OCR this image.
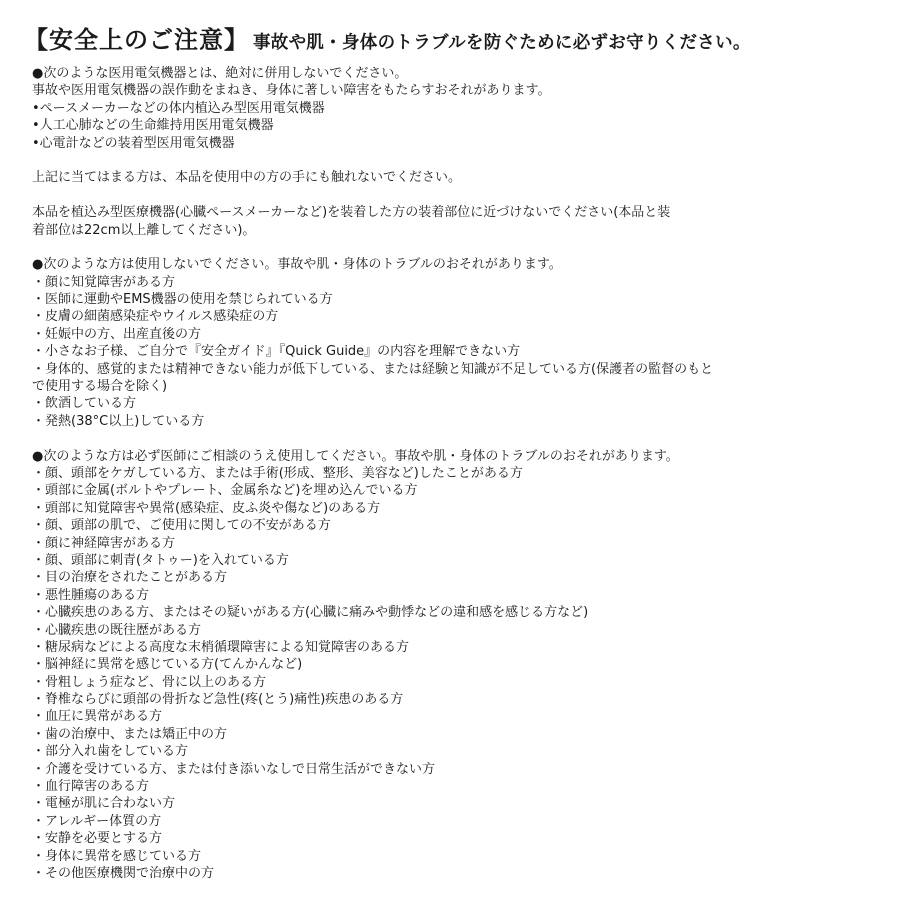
【安全上のご注意】 事故や肌・身体のトラブルを防ぐために必ずお守りください。
●次のような医用電気機器とは、絶対に併用しないでください。
事故や医用電気機器の誤作動をまねき、身体に著しい障害をもたらすおそれがあります。
•ペースメーカーなどの体内植込み型医用電気機器
•人工心肺などの生命維持用医用電気機器
•心電計などの装着型医用電気機器
上記に当てはまる方は、本品を使用中の方の手にも触れないでください。
本品を植込み型医療機器(心臓ペースメーカーなど)を装着した方の装着部位に近づけないでください(本品と装
着部位は22cm以上離してください)。
●次のような方は使用しないでください。事故や肌・身体のトラブルのおそれがあります。
・顔に知覚障害がある方
・医師に運動やEMS機器の使用を禁じられている方
・皮膚の細菌感染症やウイルス感染症の方
・妊娠中の方、出産直後の方
・小さなお子様、ご自分で『安全ガイド』『Quick Guide』の内容を理解できない方
・身体的、感覚的または精神できない能力が低下している、または経験と知識が不足している方(保護者の監督のもと
で使用する場合を除く)
・飲酒している方
・発熱(38°C以上)している方
●次のような方は必ず医師にご相談のうえ使用してください。事故や肌・身体のトラブルのおそれがあります。
・顔、頭部をケガしている方、または手術(形成、整形、美容など)したことがある方
・頭部に金属(ボルトやプレート、金属糸など)を埋め込んでいる方
・頭部に知覚障害や異常(感染症、皮ふ炎や傷など)のある方
・顔、頭部の肌で、ご使用に関しての不安がある方
・顔に神経障害がある方
・顔、頭部に刺青(タトゥー)を入れている方
・目の治療をされたことがある方
・悪性腫瘍のある方
・心臓疾患のある方、またはその疑いがある方(心臓に痛みや動悸などの違和感を感じる方など)
・心臓疾患の既往歴がある方
・糖尿病などによる高度な末梢循環障害による知覚障害のある方
・脳神経に異常を感じている方(てんかんなど)
・骨粗しょう症など、骨に以上のある方
・脊椎ならびに頭部の骨折など急性(疼(とう)痛性)疾患のある方
・血圧に異常がある方
・歯の治療中、または矯正中の方
・部分入れ歯をしている方
・介護を受けている方、または付き添いなしで日常生活ができない方
・血行障害のある方
・電極が肌に合わない方
・アレルギー体質の方
・安静を必要とする方
・身体に異常を感じている方
・その他医療機関で治療中の方
